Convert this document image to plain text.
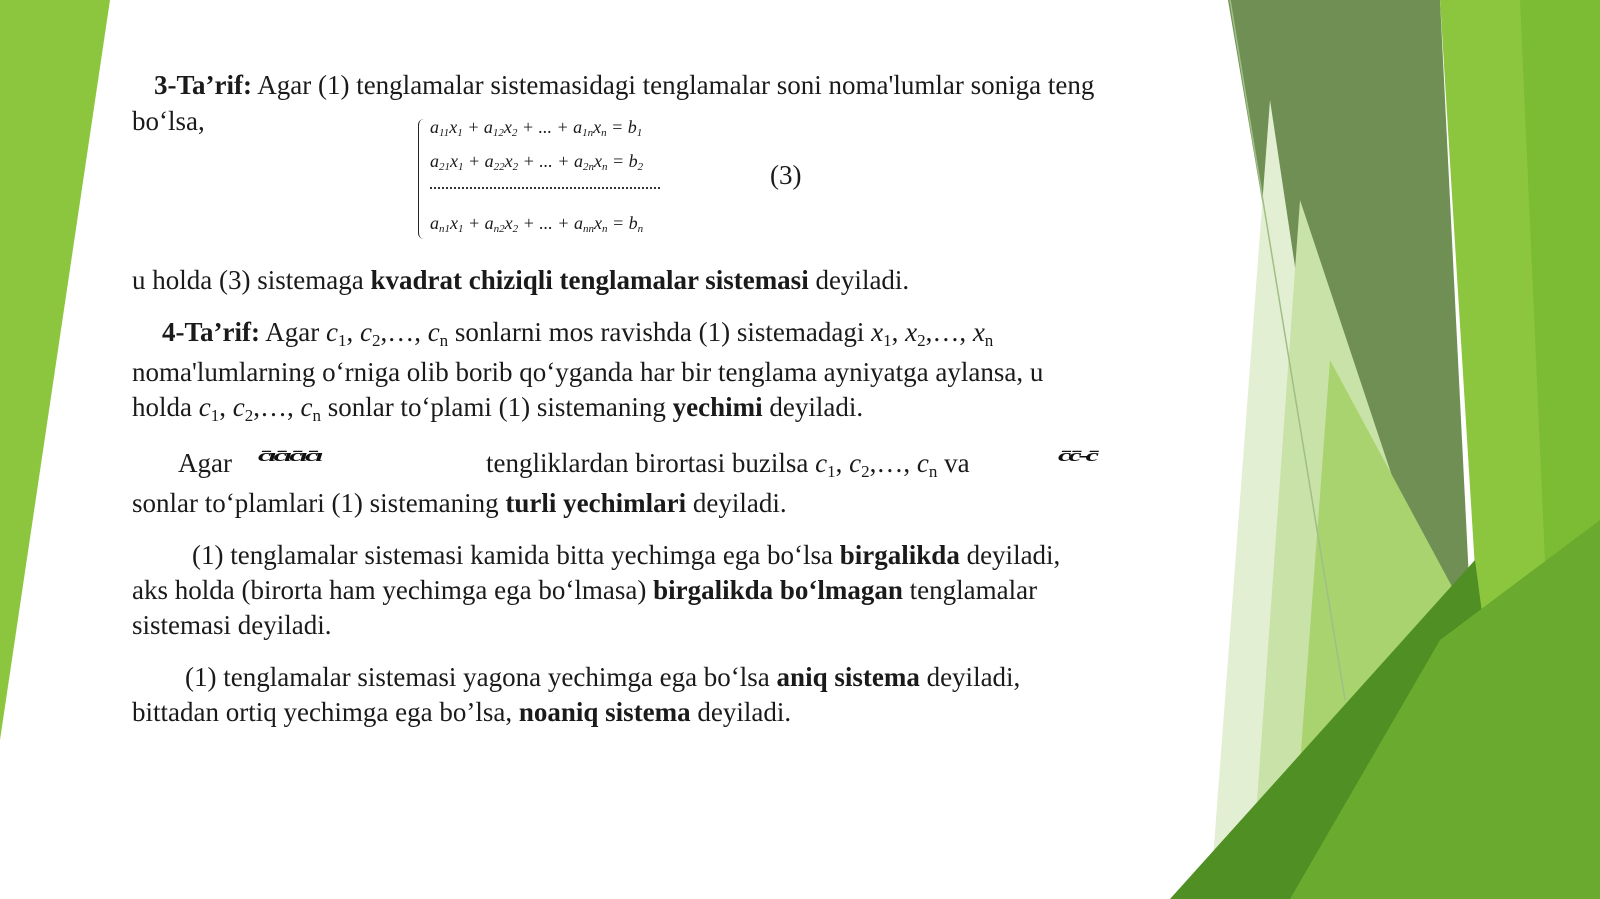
3-Ta’rif: Agar (1) tenglamalar sistemasidagi tenglamalar soni noma'lumlar soniga teng
bo‘lsa,	$a_{11}x_1 + a_{12}x_2$ + ... + $a_{1n}x_n = b_1$
$a_{21}x_1 + a_{22}x_2$ + ... + $a_{2n}x_n = b_2$
$a_{n1}x_1 + a_{n2}x_2$ + ... + $a_{nn}x_n = b_n$
(3)
u holda (3) sistemaga kvadrat chiziqli tenglamalar sistemasi deyiladi.
4-Ta’rif: Agar $c_1$, $c_2,\dots$, $c_n$ sonlarni mos ravishda (1) sistemadagi $x_1$, $x_2,\dots$, $x_n$
noma'lumlarning o‘rniga olib borib qo‘yganda har bir tenglama ayniyatga aylansa, u
holda $c_1$, $c_2,\dots$, $c_n$ sonlar to‘plami (1) sistemaning yechimi deyiladi.
Agar c̄ıc̄ıc̄ıc̄ı	tengliklardan birortasi buzilsa $c_1$, $c_2,\dots$, $c_n$ va	c̄c̄-c̄
sonlar to‘plamlari (1) sistemaning turli yechimlari deyiladi.
(1) tenglamalar sistemasi kamida bitta yechimga ega bo‘lsa birgalikda deyiladi,
aks holda (birorta ham yechimga ega bo‘lmasa) birgalikda bo‘lmagan tenglamalar
sistemasi deyiladi.
(1) tenglamalar sistemasi yagona yechimga ega bo‘lsa aniq sistema deyiladi,
bittadan ortiq yechimga ega bo’lsa, noaniq sistema deyiladi.
